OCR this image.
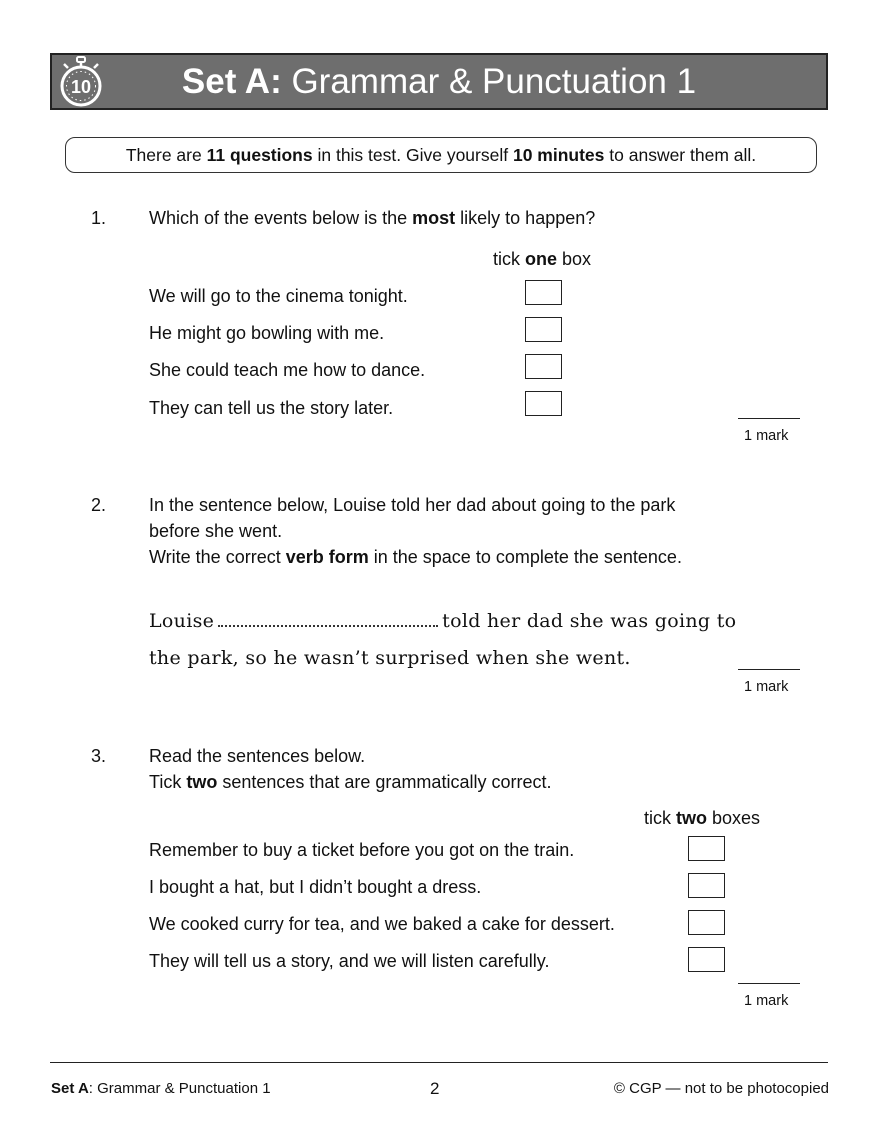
Set A: Grammar & Punctuation 1
10
There are 11 questions in this test. Give yourself 10 minutes to answer them all.
1. Which of the events below is the most likely to happen?
tick one box
We will go to the cinema tonight.
He might go bowling with me.
She could teach me how to dance.
They can tell us the story later.
1 mark
2. In the sentence below, Louise told her dad about going to the park
before she went.
Write the correct verb form in the space to complete the sentence.
Louise	told her dad she was going to
the park, so he wasn’t surprised when she went.
1 mark
3. Read the sentences below.
Tick two sentences that are grammatically correct.
tick two boxes
Remember to buy a ticket before you got on the train.
I bought a hat, but I didn’t bought a dress.
We cooked curry for tea, and we baked a cake for dessert.
They will tell us a story, and we will listen carefully.
1 mark
Set A: Grammar & Punctuation 1	2	© CGP — not to be photocopied
